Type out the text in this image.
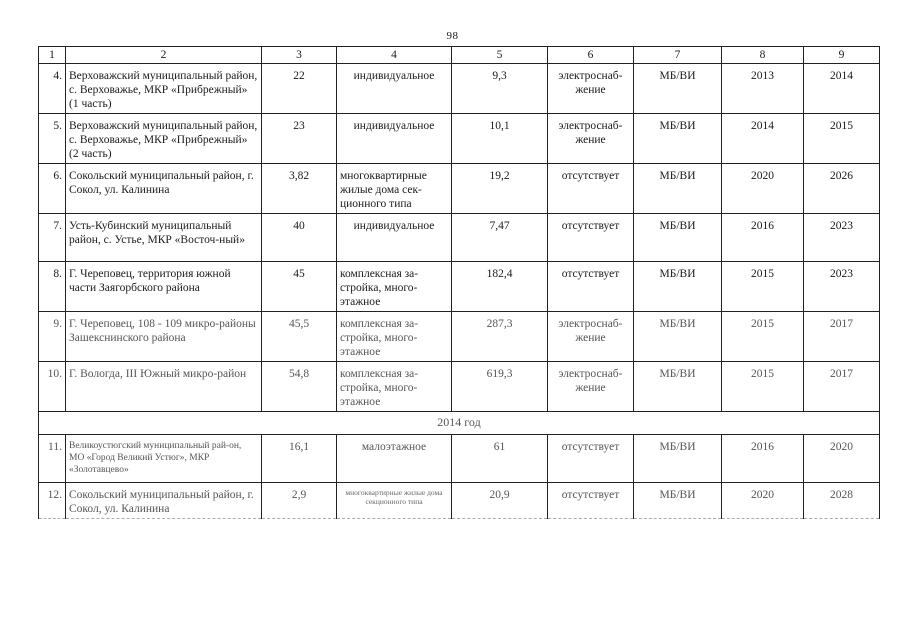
98
1	2	3	4	5	6	7	8	9
4.	Верховажский муниципальный район, с. Верховажье, МКР «Прибрежный» (1 часть)	22	индивидуальное	9,3	электроснаб-жение	МБ/ВИ	2013	2014
5.	Верховажский муниципальный район, с. Верховажье, МКР «Прибрежный» (2 часть)	23	индивидуальное	10,1	электроснаб-жение	МБ/ВИ	2014	2015
6.	Сокольский муниципальный район, г. Сокол, ул. Калинина	3,82	многоквартирные жилые дома сек-ционного типа	19,2	отсутствует	МБ/ВИ	2020	2026
7.	Усть-Кубинский муниципальный район, с. Устье, МКР «Восточ-ный»	40	индивидуальное	7,47	отсутствует	МБ/ВИ	2016	2023
8.	Г. Череповец, территория южной части Заягорбского района	45	комплексная за-стройка, много-этажное	182,4	отсутствует	МБ/ВИ	2015	2023
9.	Г. Череповец, 108 - 109 микро-районы Зашекснинского района	45,5	комплексная за-стройка, много-этажное	287,3	электроснаб-жение	МБ/ВИ	2015	2017
10.	Г. Вологда, III Южный микро-район	54,8	комплексная за-стройка, много-этажное	619,3	электроснаб-жение	МБ/ВИ	2015	2017
2014 год								
11.	Великоустюгский муниципальный рай-он, МО «Город Великий Устюг», МКР «Золотавцево»	16,1	малоэтажное	61	отсутствует	МБ/ВИ	2016	2020
12.	Сокольский муниципальный район, г. Сокол, ул. Калинина	2,9	многоквартирные жилые дома секционного типа	20,9	отсутствует	МБ/ВИ	2020	2028
